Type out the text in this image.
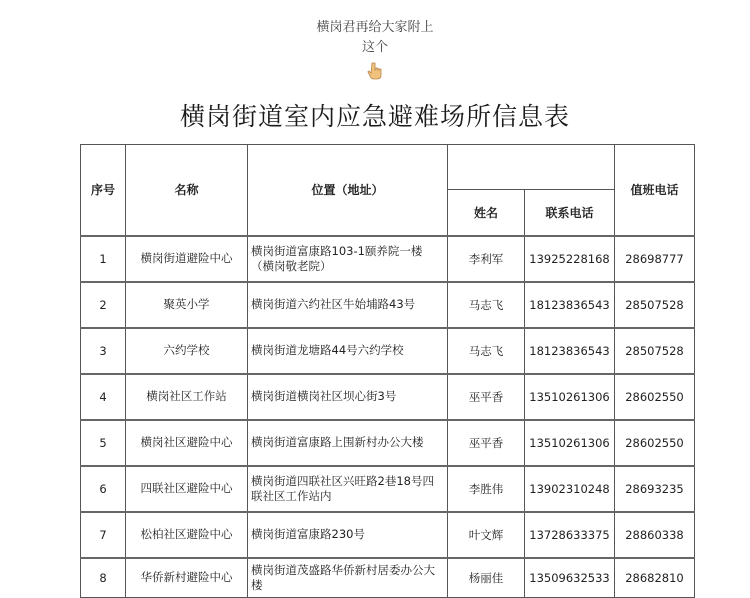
横岗君再给大家附上
这个
横岗街道室内应急避难场所信息表
序号	名称	位置（地址）			值班电话
			姓名	联系电话	
1	横岗街道避险中心	横岗街道富康路103-1颐养院一楼（横岗敬老院）	李利军	13925228168	28698777
2	聚英小学	横岗街道六约社区牛始埔路43号	马志飞	18123836543	28507528
3	六约学校	横岗街道龙塘路44号六约学校	马志飞	18123836543	28507528
4	横岗社区工作站	横岗街道横岗社区坝心街3号	巫平香	13510261306	28602550
5	横岗社区避险中心	横岗街道富康路上围新村办公大楼	巫平香	13510261306	28602550
6	四联社区避险中心	横岗街道四联社区兴旺路2巷18号四联社区工作站内	李胜伟	13902310248	28693235
7	松柏社区避险中心	横岗街道富康路230号	叶文辉	13728633375	28860338
8	华侨新村避险中心	横岗街道茂盛路华侨新村居委办公大楼	杨丽佳	13509632533	28682810
